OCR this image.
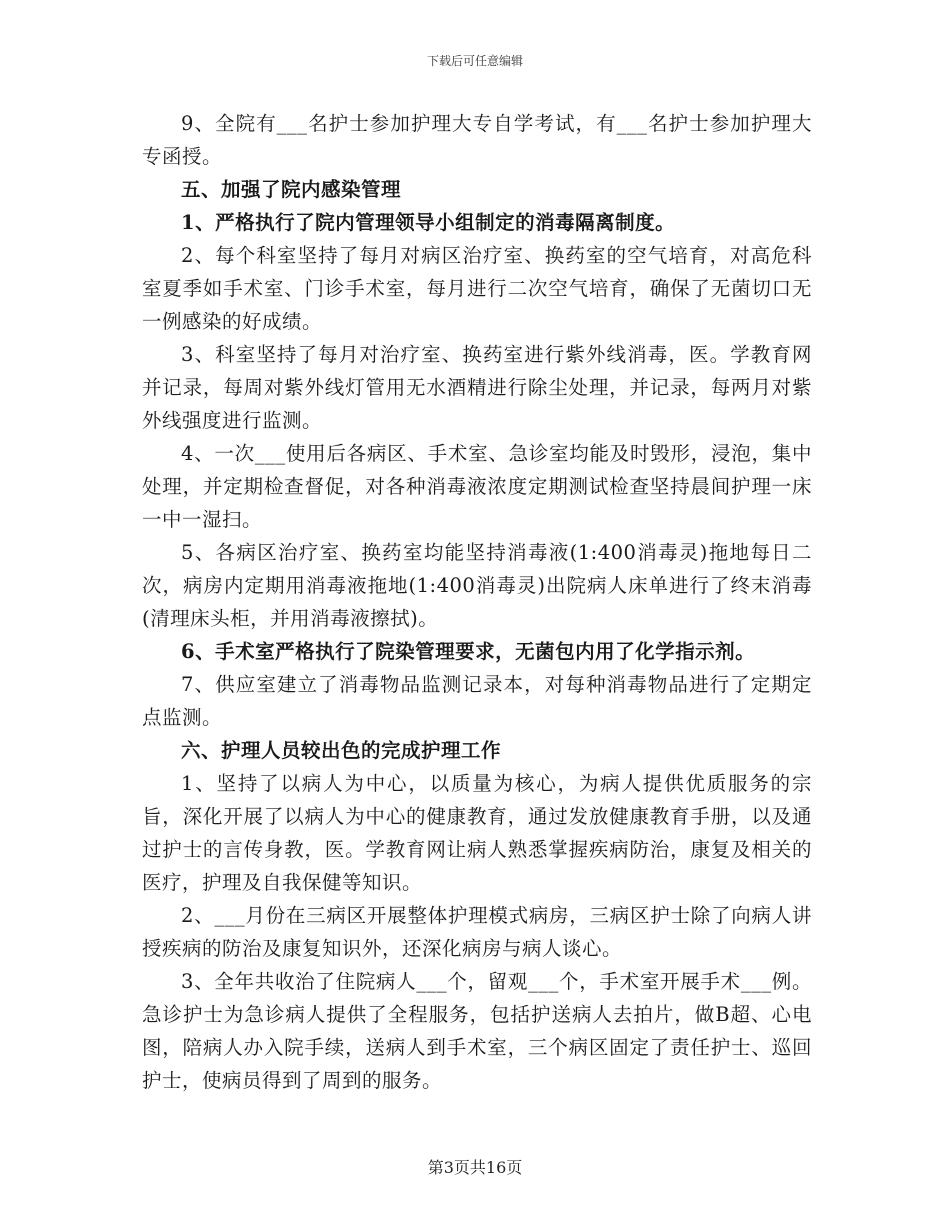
下载后可任意编辑

9、全院有___名护士参加护理大专自学考试，有___名护士参加护理大专函授。

五、加强了院内感染管理

1、严格执行了院内管理领导小组制定的消毒隔离制度。

2、每个科室坚持了每月对病区治疗室、换药室的空气培育，对高危科室夏季如手术室、门诊手术室，每月进行二次空气培育，确保了无菌切口无一例感染的好成绩。

3、科室坚持了每月对治疗室、换药室进行紫外线消毒，医。学教育网并记录，每周对紫外线灯管用无水酒精进行除尘处理，并记录，每两月对紫外线强度进行监测。

4、一次___使用后各病区、手术室、急诊室均能及时毁形，浸泡，集中处理，并定期检查督促，对各种消毒液浓度定期测试检查坚持晨间护理一床一中一湿扫。

5、各病区治疗室、换药室均能坚持消毒液(1:400消毒灵)拖地每日二次，病房内定期用消毒液拖地(1:400消毒灵)出院病人床单进行了终末消毒(清理床头柜，并用消毒液擦拭)。

6、手术室严格执行了院染管理要求，无菌包内用了化学指示剂。

7、供应室建立了消毒物品监测记录本，对每种消毒物品进行了定期定点监测。

六、护理人员较出色的完成护理工作

1、坚持了以病人为中心，以质量为核心，为病人提供优质服务的宗旨，深化开展了以病人为中心的健康教育，通过发放健康教育手册，以及通过护士的言传身教，医。学教育网让病人熟悉掌握疾病防治，康复及相关的医疗，护理及自我保健等知识。

2、___月份在三病区开展整体护理模式病房，三病区护士除了向病人讲授疾病的防治及康复知识外，还深化病房与病人谈心。

3、全年共收治了住院病人___个，留观___个，手术室开展手术___例。急诊护士为急诊病人提供了全程服务，包括护送病人去拍片，做B超、心电图，陪病人办入院手续，送病人到手术室，三个病区固定了责任护士、巡回护士，使病员得到了周到的服务。

第3页共16页
